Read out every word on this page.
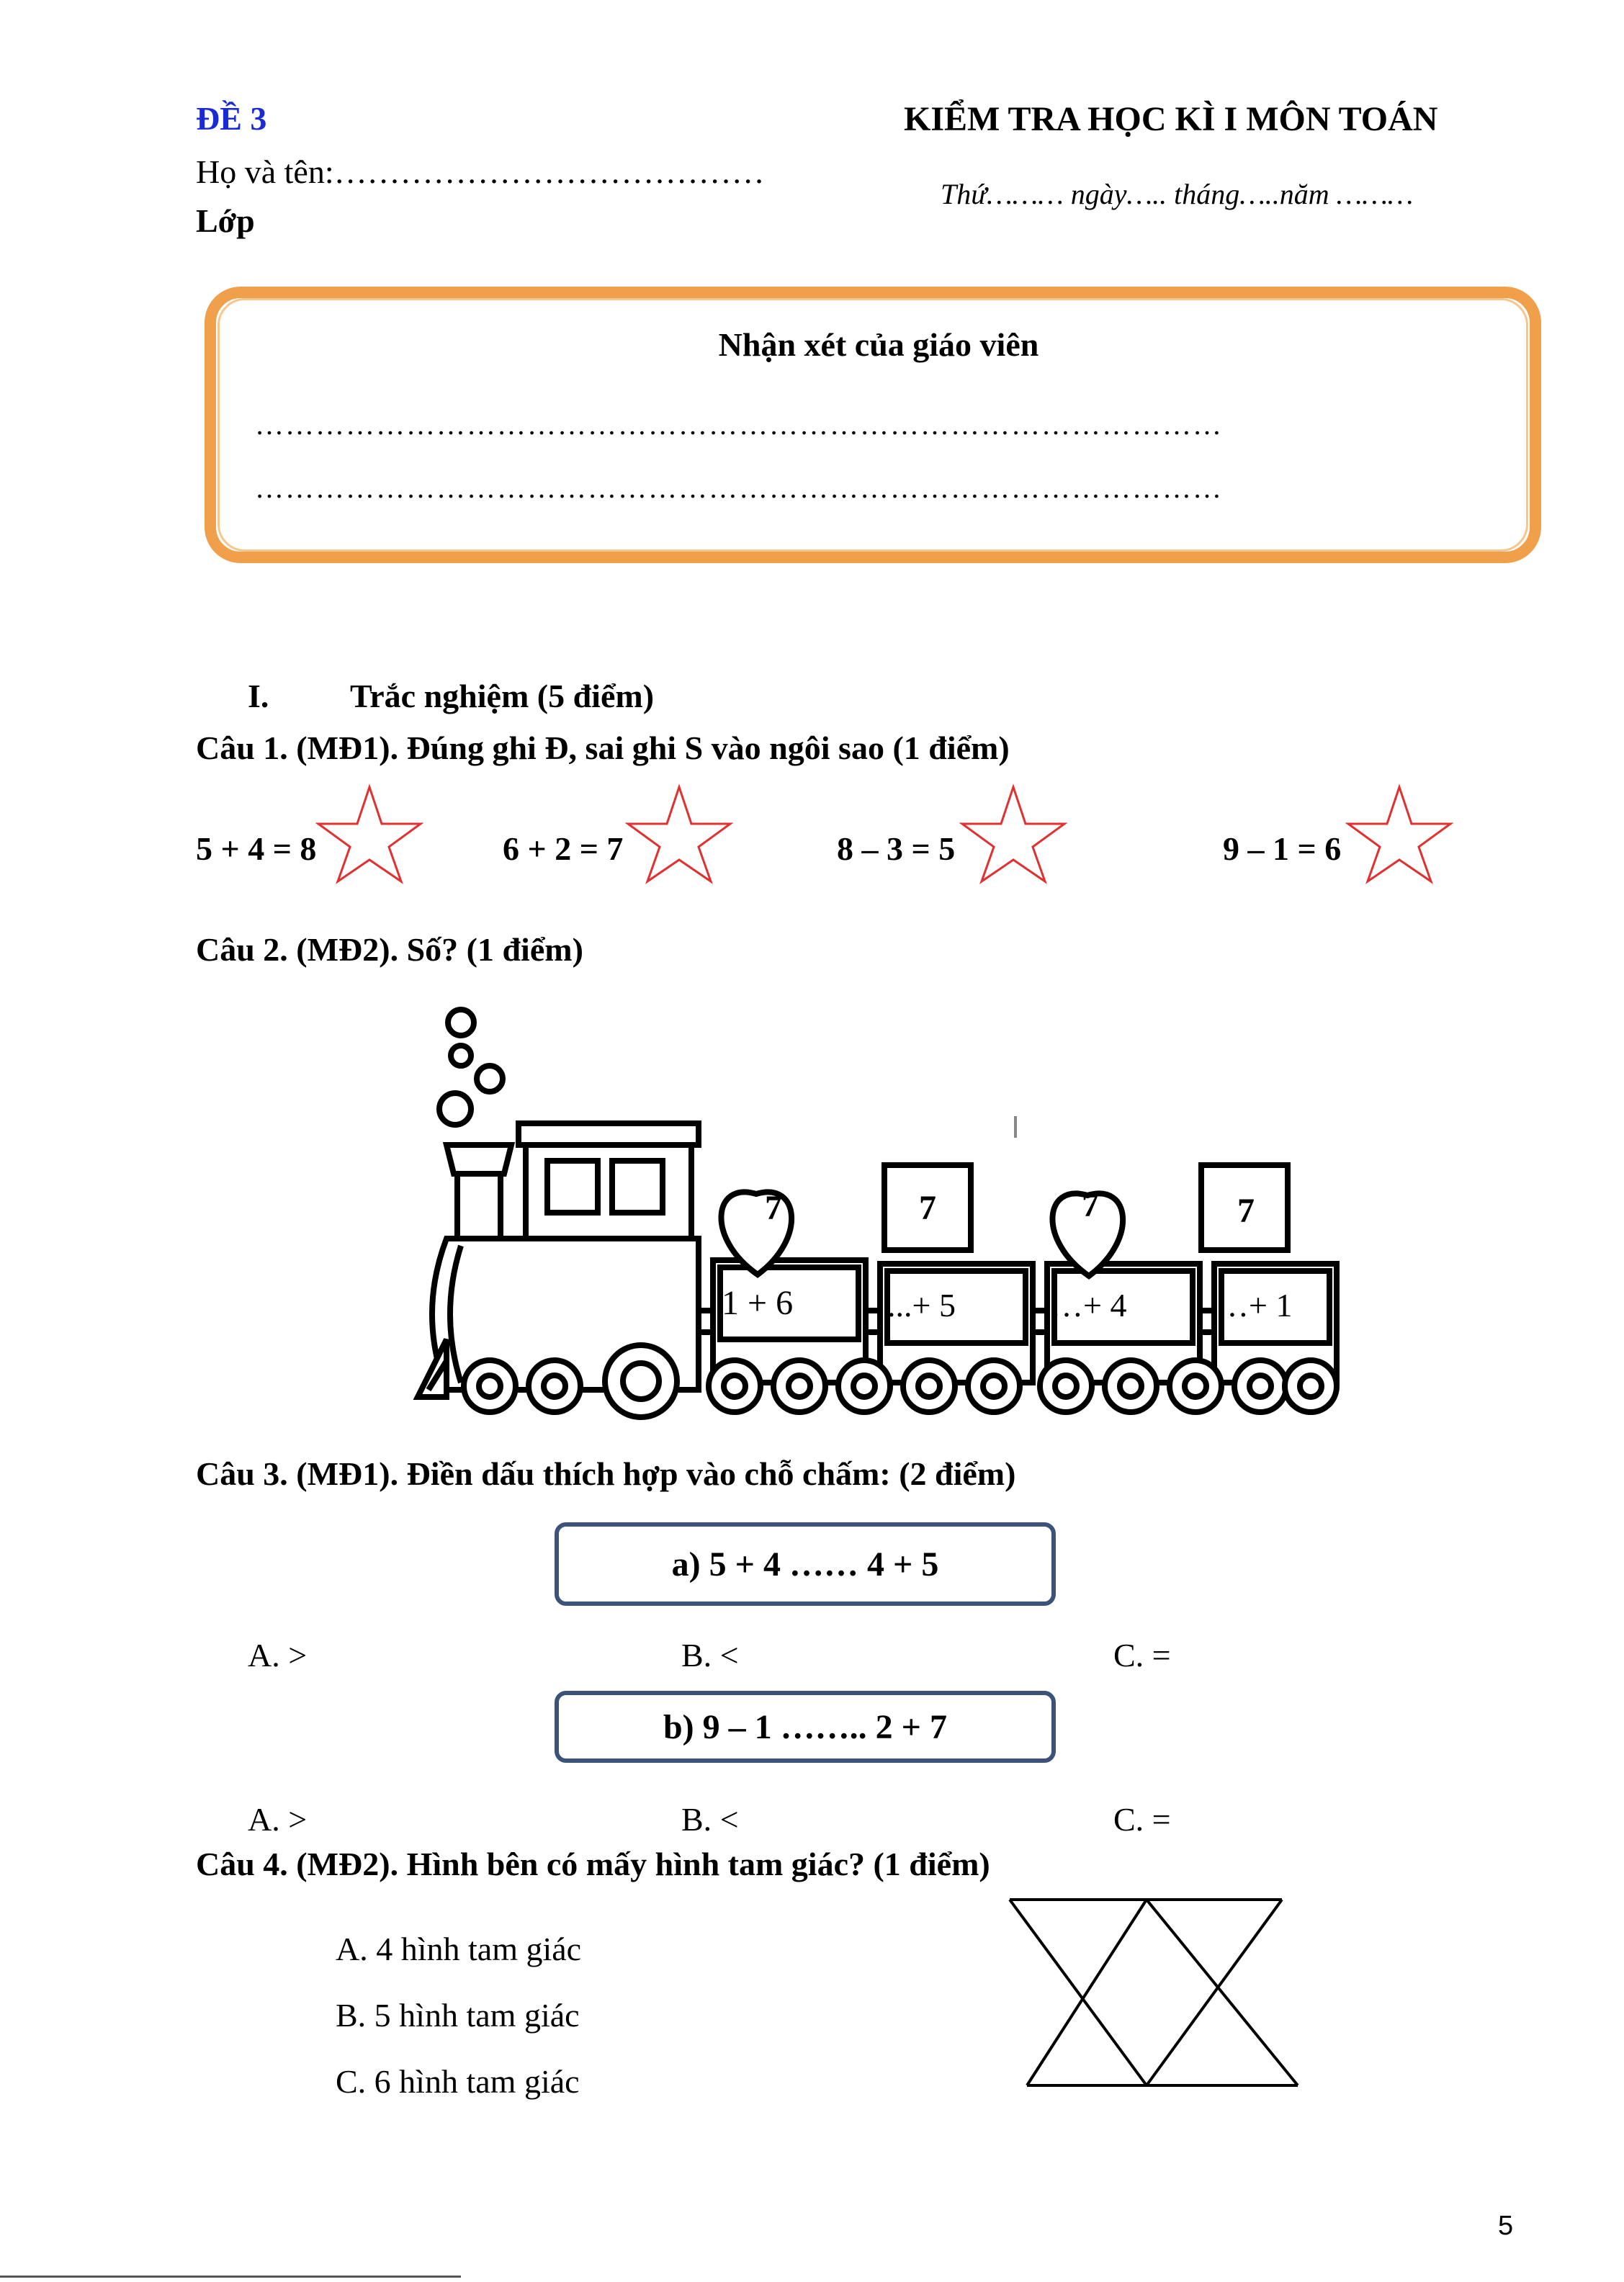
ĐỀ 3	KIỂM TRA HỌC KÌ I MÔN TOÁN
Họ và tên:…………………………………
Thứ……… ngày….. tháng…..năm ………
Lớp
Nhận xét của giáo viên
……………………………………………………………………………………
……………………………………………………………………………………
I. Trắc nghiệm (5 điểm)
Câu 1. (MĐ1). Đúng ghi Đ, sai ghi S vào ngôi sao (1 điểm)
5 + 4 = 8	6 + 2 = 7	8 – 3 = 5	9 – 1 = 6
Câu 2. (MĐ2). Số? (1 điểm)
7	7	7	7
1 + 6	...+ 5	…+ 4	…+ 1
Câu 3. (MĐ1). Điền dấu thích hợp vào chỗ chấm: (2 điểm)
a) 5 + 4 …… 4 + 5
A. >	B. <	C. =
b) 9 – 1 …….. 2 + 7
A. >	B. <	C. =
Câu 4. (MĐ2). Hình bên có mấy hình tam giác? (1 điểm)
A. 4 hình tam giác
B. 5 hình tam giác
C. 6 hình tam giác
5
